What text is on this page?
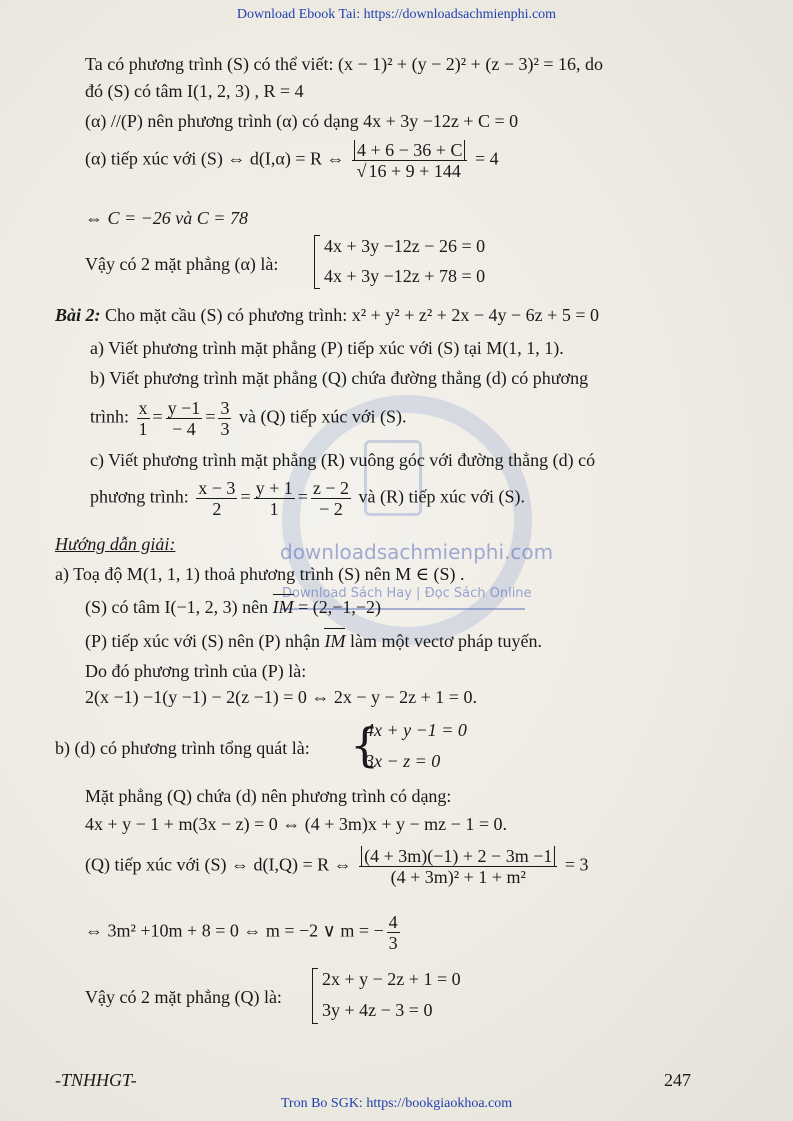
Download Ebook Tai: https://downloadsachmienphi.com
downloadsachmienphi.com
Download Sách Hay | Đọc Sách Online
Ta có phương trình (S) có thể viết: (x − 1)² + (y − 2)² + (z − 3)² = 16, do
đó (S) có tâm I(1, 2, 3) , R = 4
(α) //(P) nên phương trình (α) có dạng 4x + 3y −12z + C = 0
(α) tiếp xúc với (S) ⇔ d(I,α) = R ⇔ $\frac{4 + 6 - 36 + C}{√ 16 + 9 + 144} = 4$
⇔ C = −26 và C = 78
Vậy có 2 mặt phẳng (α) là:
4x + 3y −12z − 26 = 0
4x + 3y −12z + 78 = 0
Bài 2: Cho mặt cầu (S) có phương trình: x² + y² + z² + 2x − 4y − 6z + 5 = 0
a) Viết phương trình mặt phẳng (P) tiếp xúc với (S) tại M(1, 1, 1).
b) Viết phương trình mặt phẳng (Q) chứa đường thẳng (d) có phương
trình: $\frac{x}{1} = \frac{y -1}{- 4} = \frac{3}{3}$ và (Q) tiếp xúc với (S).
c) Viết phương trình mặt phẳng (R) vuông góc với đường thẳng (d) có
phương trình: $\frac{x - 3}{2} = \frac{y + 1}{1} = \frac{z - 2}{- 2}$ và (R) tiếp xúc với (S).
Hướng dẫn giải:
a) Toạ độ M(1, 1, 1) thoả phương trình (S) nên M ∈ (S) .
(S) có tâm I(−1, 2, 3) nên IM = (2,−1,−2)
(P) tiếp xúc với (S) nên (P) nhận IM làm một vectơ pháp tuyến.
Do đó phương trình của (P) là:
2(x −1) −1(y −1) − 2(z −1) = 0 ⇔ 2x − y − 2z + 1 = 0.
b) (d) có phương trình tổng quát là: {
4x + y −1 = 0
3x − z = 0
Mặt phẳng (Q) chứa (d) nên phương trình có dạng:
4x + y − 1 + m(3x − z) = 0 ⇔ (4 + 3m)x + y − mz − 1 = 0.
(Q) tiếp xúc với (S) ⇔ d(I,Q) = R ⇔ $\frac{(4 + 3m)(-1) + 2 - 3m -1}{\text{(4 + 3m)² + 1 + m²}} = 3$
⇔ 3m² +10m + 8 = 0 ⇔ m = −2 ∨ m = − $\frac{4}{3}$
Vậy có 2 mặt phẳng (Q) là:
2x + y − 2z + 1 = 0
3y + 4z − 3 = 0
-TNHHGT-	247
Tron Bo SGK: https://bookgiaokhoa.com
